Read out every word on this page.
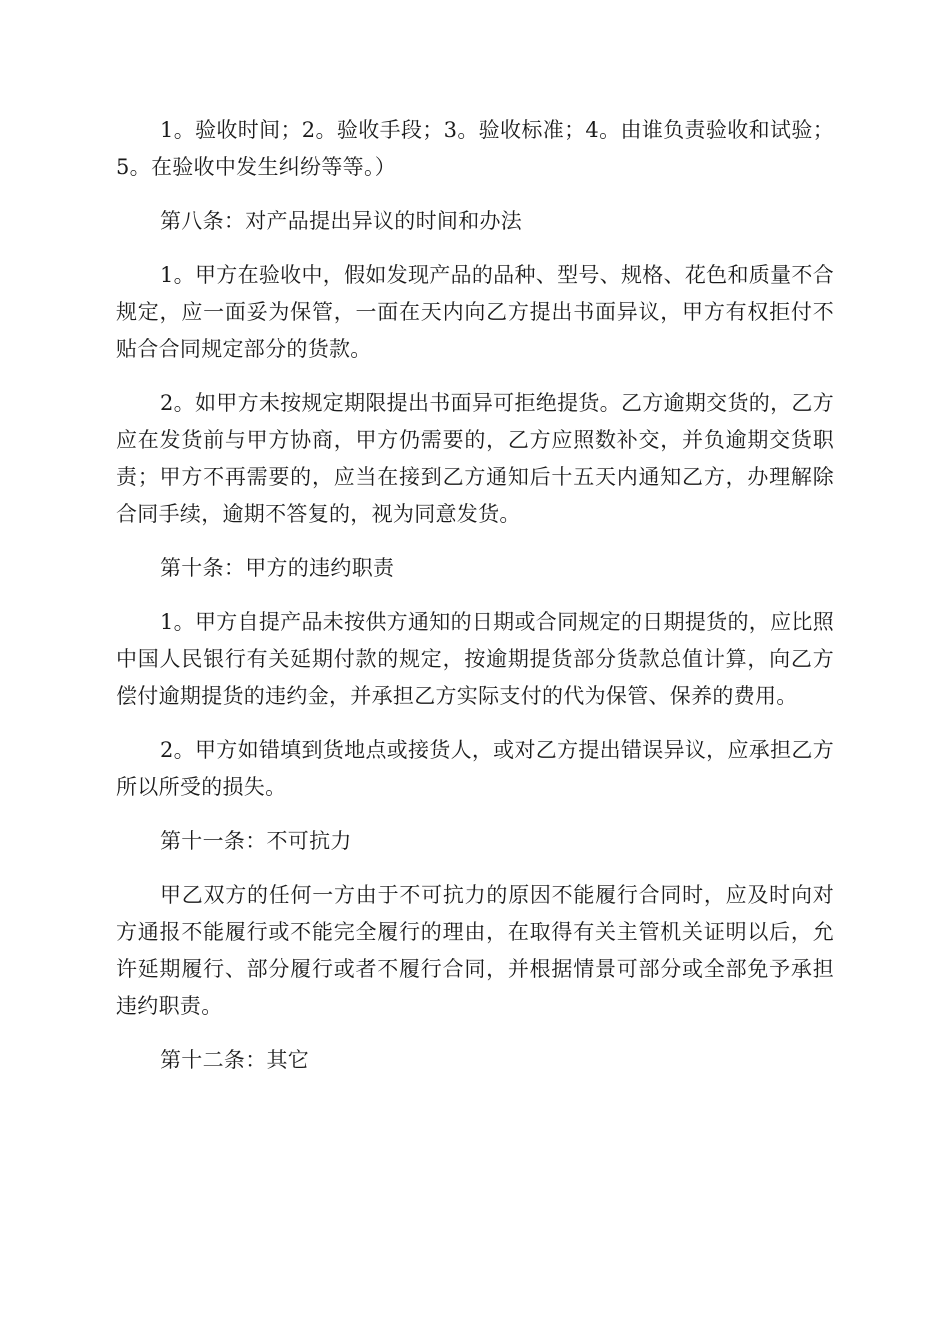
1。验收时间；2。验收手段；3。验收标准；4。由谁负责验收和试验；5。在验收中发生纠纷等等。）

第八条：对产品提出异议的时间和办法

1。甲方在验收中，假如发现产品的品种、型号、规格、花色和质量不合规定，应一面妥为保管，一面在天内向乙方提出书面异议，甲方有权拒付不贴合合同规定部分的货款。

2。如甲方未按规定期限提出书面异可拒绝提货。乙方逾期交货的，乙方应在发货前与甲方协商，甲方仍需要的，乙方应照数补交，并负逾期交货职责；甲方不再需要的，应当在接到乙方通知后十五天内通知乙方，办理解除合同手续，逾期不答复的，视为同意发货。

第十条：甲方的违约职责

1。甲方自提产品未按供方通知的日期或合同规定的日期提货的，应比照中国人民银行有关延期付款的规定，按逾期提货部分货款总值计算，向乙方偿付逾期提货的违约金，并承担乙方实际支付的代为保管、保养的费用。

2。甲方如错填到货地点或接货人，或对乙方提出错误异议，应承担乙方所以所受的损失。

第十一条：不可抗力

甲乙双方的任何一方由于不可抗力的原因不能履行合同时，应及时向对方通报不能履行或不能完全履行的理由，在取得有关主管机关证明以后，允许延期履行、部分履行或者不履行合同，并根据情景可部分或全部免予承担违约职责。

第十二条：其它
